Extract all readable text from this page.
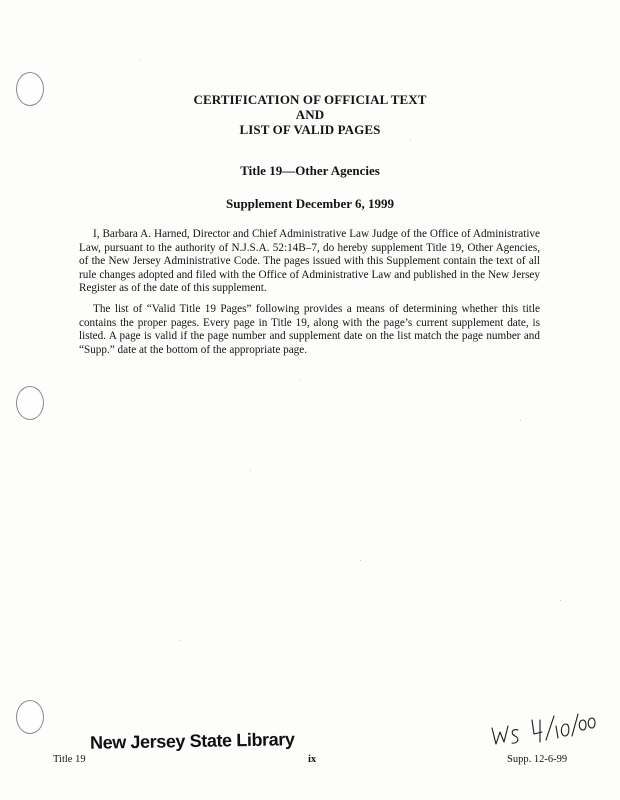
CERTIFICATION OF OFFICIAL TEXT
AND
LIST OF VALID PAGES
Title 19—Other Agencies
Supplement December 6, 1999

I, Barbara A. Harned, Director and Chief Administrative Law Judge of the Office of Administrative Law, pursuant to the authority of N.J.S.A. 52:14B–7, do hereby supplement Title 19, Other Agencies, of the New Jersey Administrative Code. The pages issued with this Supplement contain the text of all rule changes adopted and filed with the Office of Administrative Law and published in the New Jersey Register as of the date of this supplement.

The list of “Valid Title 19 Pages” following provides a means of determining whether this title contains the proper pages. Every page in Title 19, along with the page’s current supplement date, is listed. A page is valid if the page number and supplement date on the list match the page number and “Supp.” date at the bottom of the appropriate page.

New Jersey State Library
Title 19	ix	Supp. 12-6-99
